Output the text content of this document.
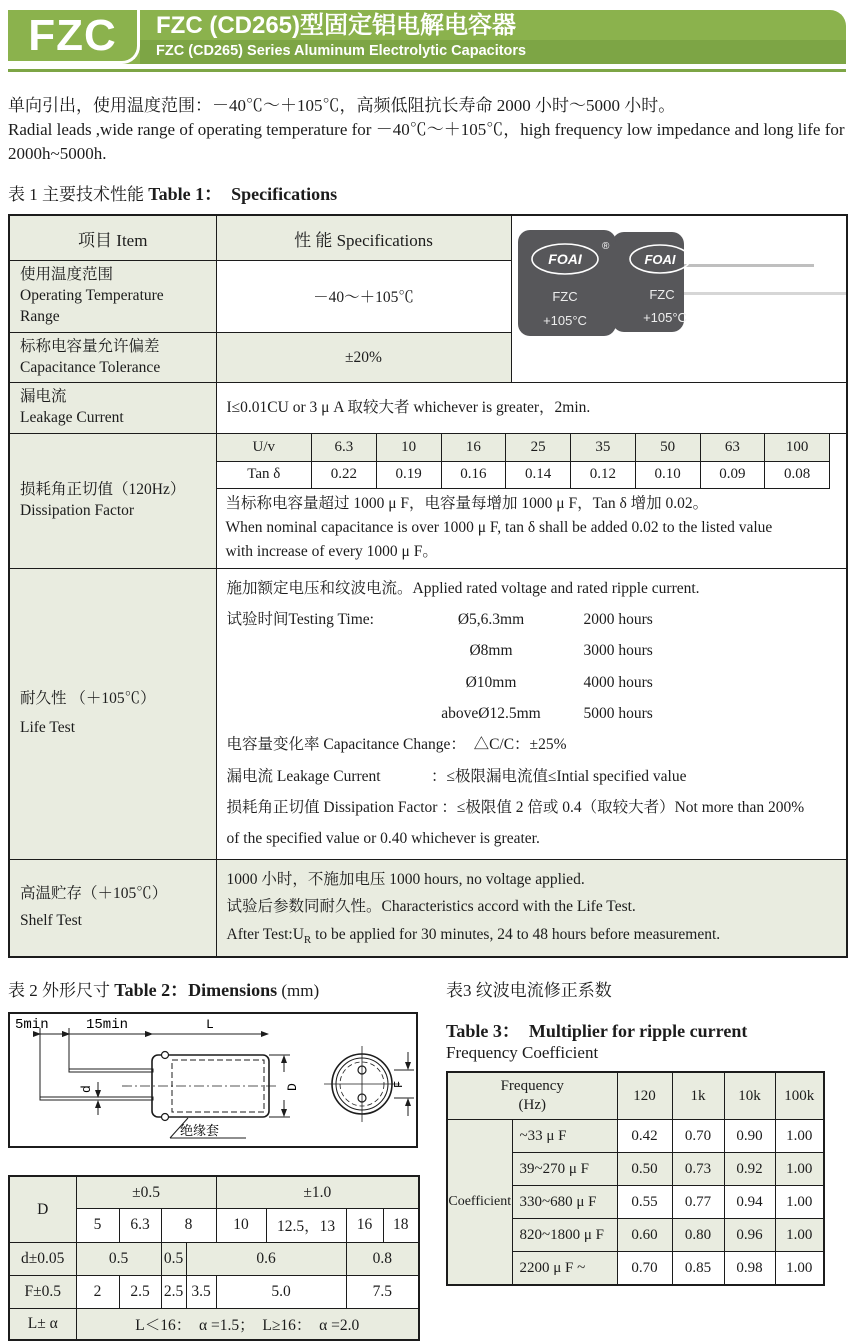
FZC FZC (CD265)型固定铝电解电容器
FZC (CD265) Series Aluminum Electrolytic Capacitors
单向引出，使用温度范围：－40℃～＋105℃，高频低阻抗长寿命 2000 小时～5000 小时。
Radial leads ,wide range of operating temperature for －40℃～＋105℃，high frequency low impedance and long life for 2000h~5000h.
表 1 主要技术性能 Table 1：  Specifications
项目 Item	性 能 Specifications	
FOAI
FZC
+105°C
FOAI
®
FZC
+105°C

使用温度范围
Operating Temperature Range
	－40～＋105℃

标称电容量允许偏差
Capacitance Tolerance
	±20%

漏电流
Leakage Current
	I≤0.01CU or 3 μ A 取较大者 whichever is greater，2min.

损耗角正切值（120Hz）
Dissipation Factor

U/v	6.3	10	16	25	35	50	63	100
Tan δ	0.22	0.19	0.16	0.14	0.12	0.10	0.09	0.08
当标称电容量超过 1000 μ F，电容量每增加 1000 μ F，Tan δ 增加 0.02。
When nominal capacitance is over 1000 μ F, tan δ shall be added 0.02 to the listed value
with increase of every 1000 μ F。

耐久性 （＋105℃）
Life Test

施加额定电压和纹波电流。Applied rated voltage and rated ripple current.
试验时间Testing Time:	Ø5,6.3mm	2000 hours
Ø8mm	3000 hours
Ø10mm	4000 hours
aboveØ12.5mm	5000 hours
电容量变化率 Capacitance Change：  △C/C：±25%
漏电流 Leakage Current             ：≤极限漏电流值≤Intial specified value
损耗角正切值 Dissipation Factor ：≤极限值 2 倍或 0.4（取较大者）Not more than 200%
of the specified value or 0.40 whichever is greater.

高温贮存（＋105℃）
Shelf Test

1000 小时，不施加电压 1000 hours, no voltage applied.
试验后参数同耐久性。Characteristics accord with the Life Test.
After $Test:U_R$ to be applied for 30 minutes, 24 to 48 hours before measurement.
表 2 外形尺寸 Table 2：Dimensions (mm)
5min	15min	L
d	D
绝缘套
F
D	±0.5				±1.0			
	5	6.3	8		10	12.5，13	16	18
d±0.05	0.5		0.5	0.6			0.8	
F±0.5	2	2.5	2.5	3.5	5.0		7.5	
L± α	L＜16：  α =1.5；  L≥16：  α =2.0							
表3 纹波电流修正系数
Table 3：  Multiplier for ripple current
Frequency Coefficient
Frequency
(Hz)		120	1k	10k	100k
Coefficient	~33 μ F	0.42	0.70	0.90	1.00
	39~270 μ F	0.50	0.73	0.92	1.00
	330~680 μ F	0.55	0.77	0.94	1.00
	820~1800 μ F	0.60	0.80	0.96	1.00
	2200 μ F ~	0.70	0.85	0.98	1.00
